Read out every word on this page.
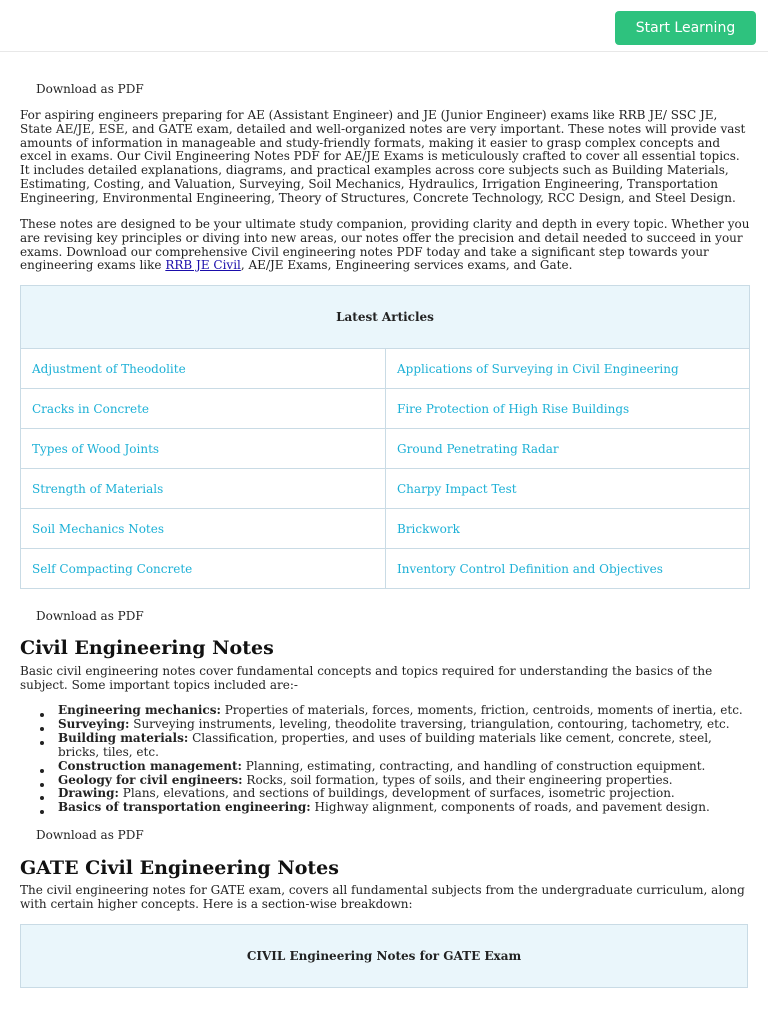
Start Learning
Download as PDF

For aspiring engineers preparing for AE (Assistant Engineer) and JE (Junior Engineer) exams like RRB JE/ SSC JE, State AE/JE, ESE, and GATE exam, detailed and well-organized notes are very important. These notes will provide vast amounts of information in manageable and study-friendly formats, making it easier to grasp complex concepts and excel in exams. Our Civil Engineering Notes PDF for AE/JE Exams is meticulously crafted to cover all essential topics. It includes detailed explanations, diagrams, and practical examples across core subjects such as Building Materials, Estimating, Costing, and Valuation, Surveying, Soil Mechanics, Hydraulics, Irrigation Engineering, Transportation Engineering, Environmental Engineering, Theory of Structures, Concrete Technology, RCC Design, and Steel Design.

These notes are designed to be your ultimate study companion, providing clarity and depth in every topic. Whether you are revising key principles or diving into new areas, our notes offer the precision and detail needed to succeed in your exams. Download our comprehensive Civil engineering notes PDF today and take a significant step towards your engineering exams like RRB JE Civil, AE/JE Exams, Engineering services exams, and Gate.

Latest Articles
Adjustment of Theodolite	Applications of Surveying in Civil Engineering
Cracks in Concrete	Fire Protection of High Rise Buildings
Types of Wood Joints	Ground Penetrating Radar
Strength of Materials	Charpy Impact Test
Soil Mechanics Notes	Brickwork
Self Compacting Concrete	Inventory Control Definition and Objectives
Download as PDF
Civil Engineering Notes

Basic civil engineering notes cover fundamental concepts and topics required for understanding the basics of the subject. Some important topics included are:-

Engineering mechanics: Properties of materials, forces, moments, friction, centroids, moments of inertia, etc.
Surveying: Surveying instruments, leveling, theodolite traversing, triangulation, contouring, tachometry, etc.
Building materials: Classification, properties, and uses of building materials like cement, concrete, steel, bricks, tiles, etc.
Construction management: Planning, estimating, contracting, and handling of construction equipment.
Geology for civil engineers: Rocks, soil formation, types of soils, and their engineering properties.
Drawing: Plans, elevations, and sections of buildings, development of surfaces, isometric projection.
Basics of transportation engineering: Highway alignment, components of roads, and pavement design.
Download as PDF
GATE Civil Engineering Notes

The civil engineering notes for GATE exam, covers all fundamental subjects from the undergraduate curriculum, along with certain higher concepts. Here is a section-wise breakdown:

CIVIL Engineering Notes for GATE Exam
